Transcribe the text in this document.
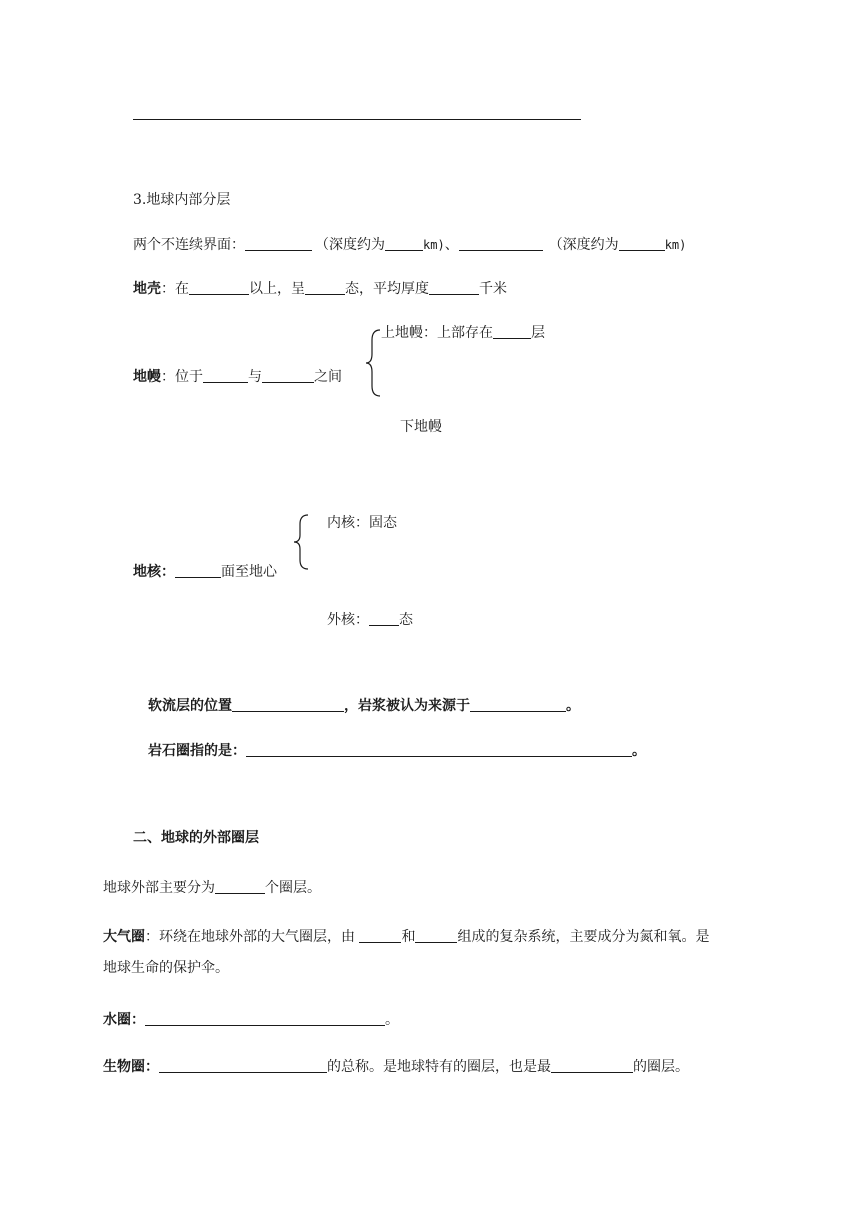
3.地球内部分层
两个不连续界面：	（深度约为	km)、	（深度约为	km)
地壳：在	以上，呈	态，平均厚度	千米
上地幔：上部存在	层
地幔：位于	与	之间
下地幔
内核：固态
地核：	面至地心
外核： 态
软流层的位置	，岩浆被认为来源于	。
岩石圈指的是：	。
二、地球的外部圈层
地球外部主要分为	个圈层。
大气圈：环绕在地球外部的大气圈层，由	和	组成的复杂系统，主要成分为氮和氧。是
地球生命的保护伞。
水圈：	。
生物圈：	的总称。是地球特有的圈层，也是最	的圈层。
